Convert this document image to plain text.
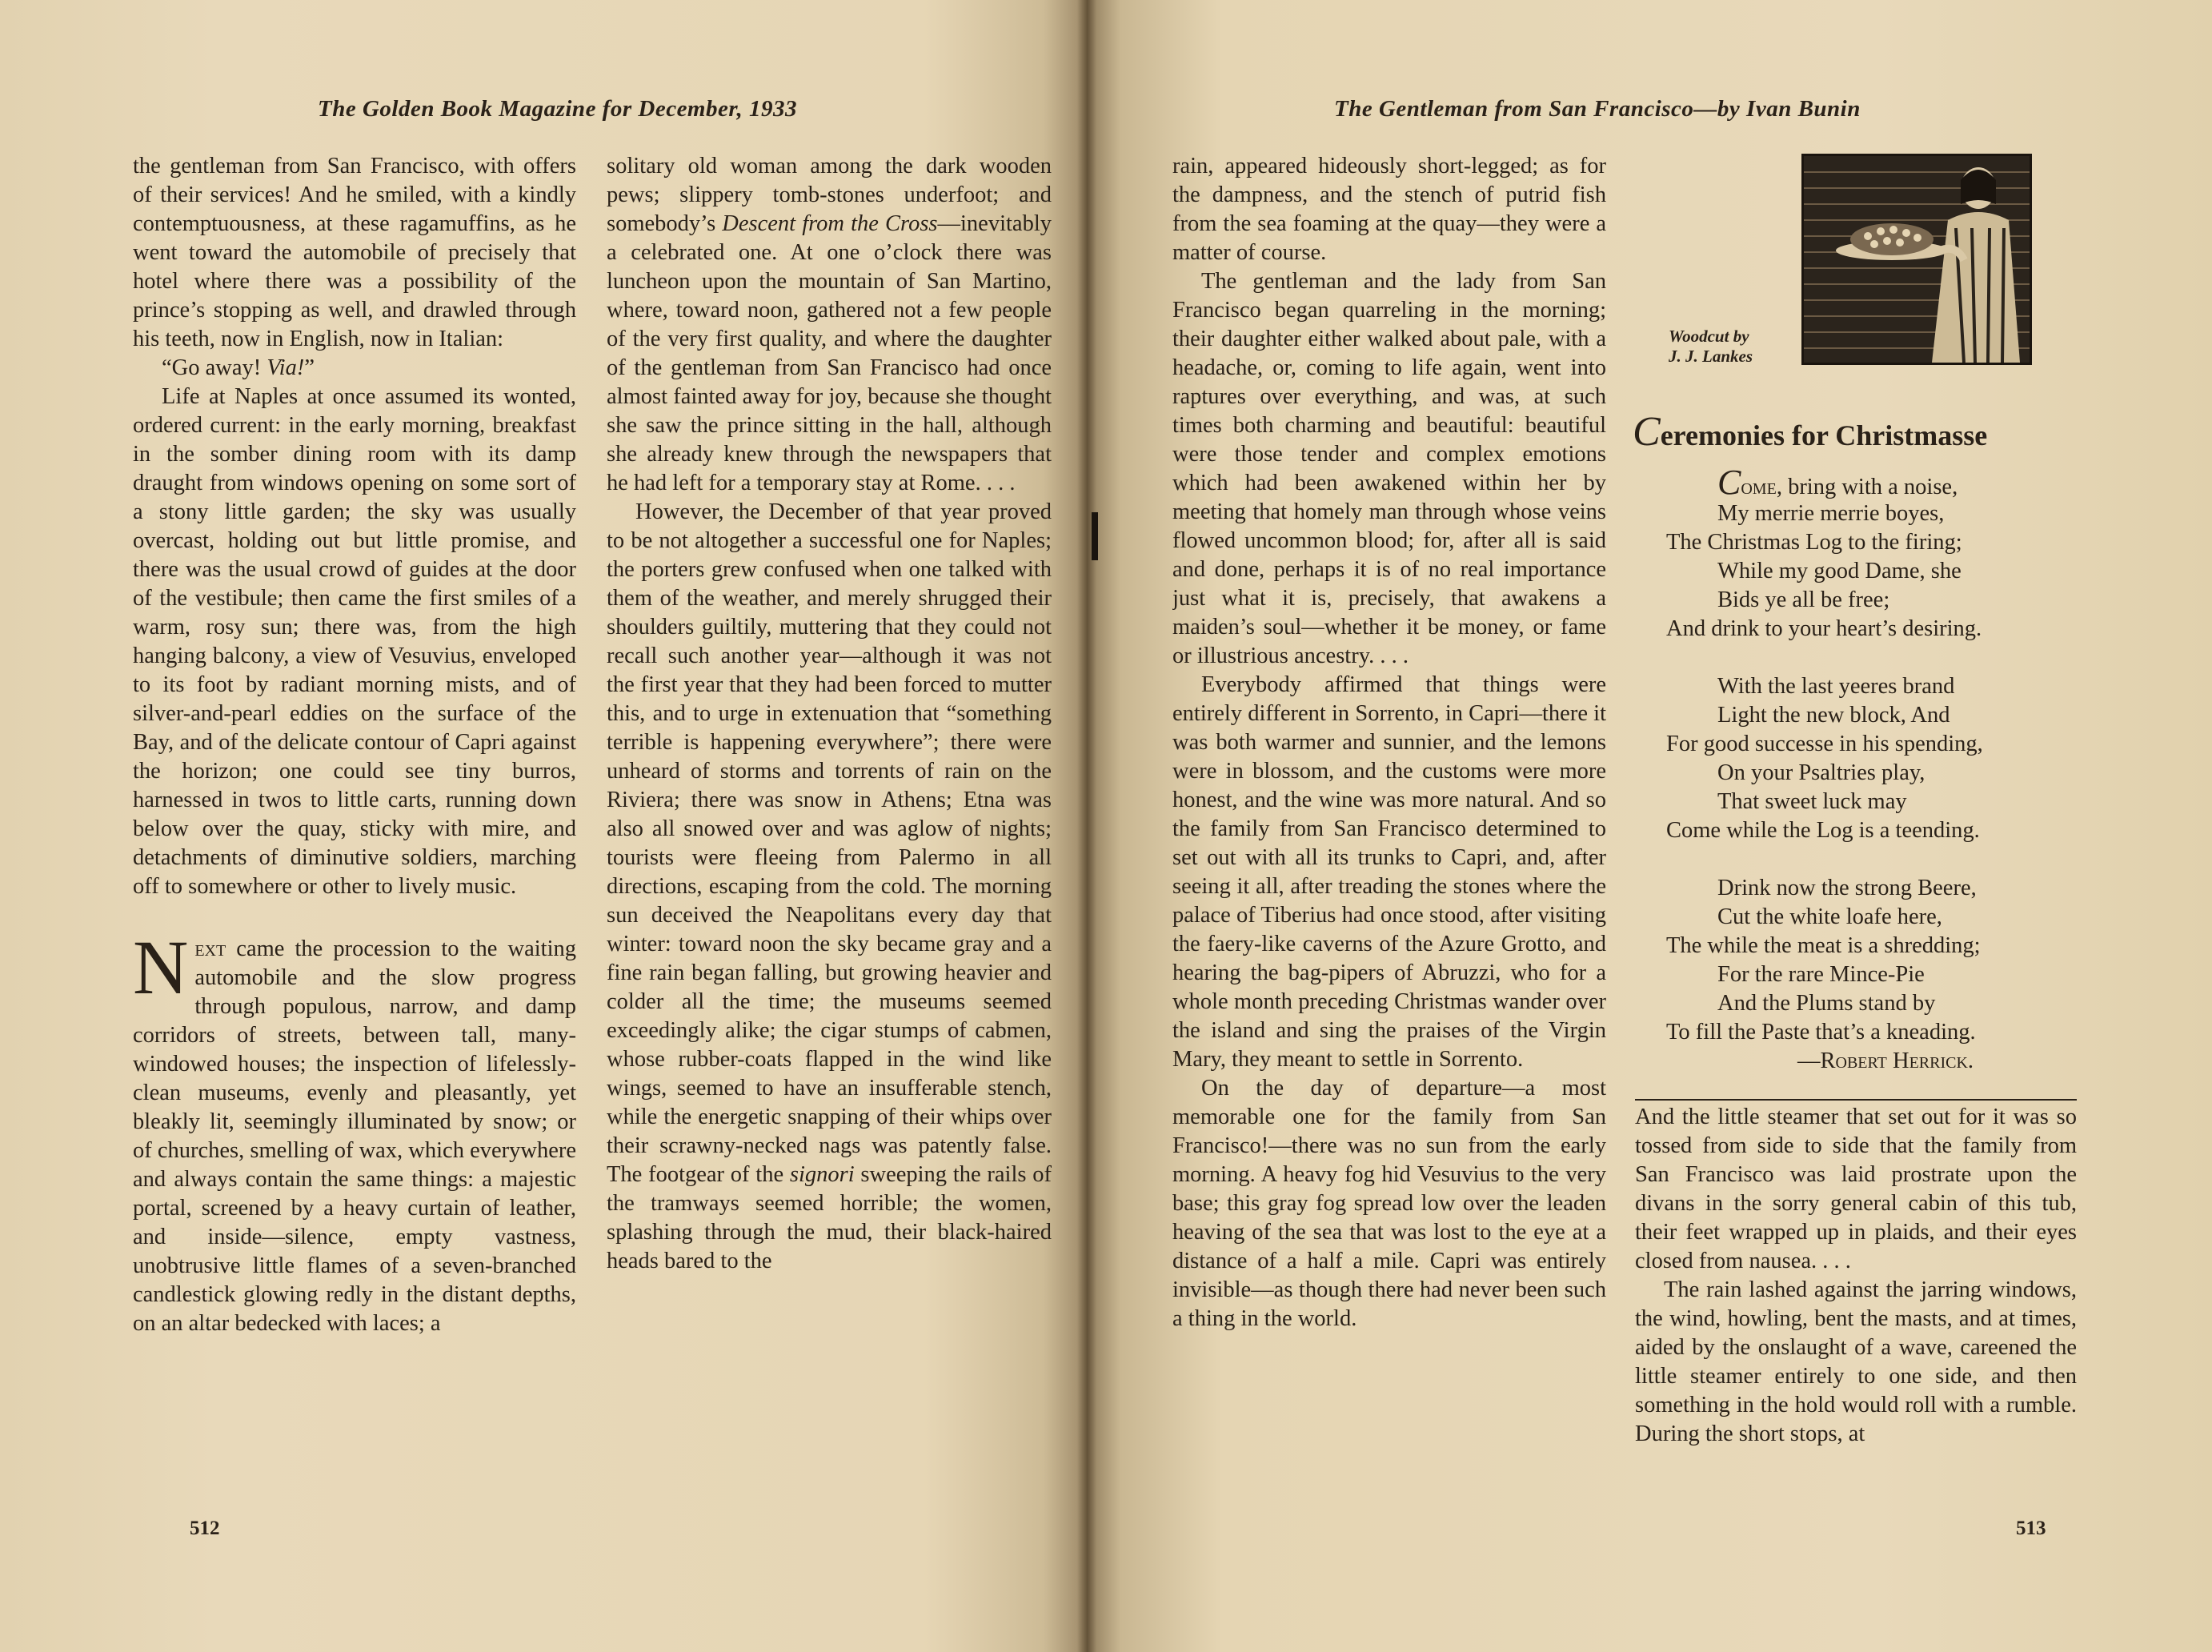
The Golden Book Magazine for December, 1933

the gentleman from San Francisco, with offers of their services! And he smiled, with a kindly contemptuousness, at these ragamuffins, as he went toward the automobile of precisely that hotel where there was a possibility of the prince’s stopping as well, and drawled through his teeth, now in English, now in Italian:

“Go away! Via!”

Life at Naples at once assumed its wonted, ordered current: in the early morning, breakfast in the somber dining room with its damp draught from windows opening on some sort of a stony little garden; the sky was usually overcast, holding out but little promise, and there was the usual crowd of guides at the door of the vestibule; then came the first smiles of a warm, rosy sun; there was, from the high hanging balcony, a view of Vesuvius, enveloped to its foot by radiant morning mists, and of silver-and-pearl eddies on the surface of the Bay, and of the delicate contour of Capri against the horizon; one could see tiny burros, harnessed in twos to little carts, running down below over the quay, sticky with mire, and detachments of diminutive soldiers, marching off to somewhere or other to lively music.

Next came the procession to the waiting automobile and the slow progress through populous, narrow, and damp corridors of streets, between tall, many-windowed houses; the inspection of lifelessly-clean museums, evenly and pleasantly, yet bleakly lit, seemingly illuminated by snow; or of churches, smelling of wax, which everywhere and always contain the same things: a majestic portal, screened by a heavy curtain of leather, and inside—silence, empty vastness, unobtrusive little flames of a seven-branched candlestick glowing redly in the distant depths, on an altar bedecked with laces; a

solitary old woman among the dark wooden pews; slippery tomb-stones underfoot; and somebody’s Descent from the Cross—inevitably a celebrated one. At one o’clock there was luncheon upon the mountain of San Martino, where, toward noon, gathered not a few people of the very first quality, and where the daughter of the gentleman from San Francisco had once almost fainted away for joy, because she thought she saw the prince sitting in the hall, although she already knew through the newspapers that he had left for a temporary stay at Rome. . . .

However, the December of that year proved to be not altogether a successful one for Naples; the porters grew confused when one talked with them of the weather, and merely shrugged their shoulders guiltily, muttering that they could not recall such another year—although it was not the first year that they had been forced to mutter this, and to urge in extenuation that “something terrible is happening everywhere”; there were unheard of storms and torrents of rain on the Riviera; there was snow in Athens; Etna was also all snowed over and was aglow of nights; tourists were fleeing from Palermo in all directions, escaping from the cold. The morning sun deceived the Neapolitans every day that winter: toward noon the sky became gray and a fine rain began falling, but growing heavier and colder all the time; the museums seemed exceedingly alike; the cigar stumps of cabmen, whose rubber-coats flapped in the wind like wings, seemed to have an insufferable stench, while the energetic snapping of their whips over their scrawny-necked nags was patently false. The footgear of the signori sweeping the rails of the tramways seemed horrible; the women, splashing through the mud, their black-haired heads bared to the

512
The Gentleman from San Francisco—by Ivan Bunin

rain, appeared hideously short-legged; as for the dampness, and the stench of putrid fish from the sea foaming at the quay—they were a matter of course.

The gentleman and the lady from San Francisco began quarreling in the morning; their daughter either walked about pale, with a headache, or, coming to life again, went into raptures over everything, and was, at such times both charming and beautiful: beautiful were those tender and complex emotions which had been awakened within her by meeting that homely man through whose veins flowed uncommon blood; for, after all is said and done, perhaps it is of no real importance just what it is, precisely, that awakens a maiden’s soul—whether it be money, or fame or illustrious ancestry. . . .

Everybody affirmed that things were entirely different in Sorrento, in Capri—there it was both warmer and sunnier, and the lemons were in blossom, and the customs were more honest, and the wine was more natural. And so the family from San Francisco determined to set out with all its trunks to Capri, and, after seeing it all, after treading the stones where the palace of Tiberius had once stood, after visiting the faery-like caverns of the Azure Grotto, and hearing the bag-pipers of Abruzzi, who for a whole month preceding Christmas wander over the island and sing the praises of the Virgin Mary, they meant to settle in Sorrento.

On the day of departure—a most memorable one for the family from San Francisco!—there was no sun from the early morning. A heavy fog hid Vesuvius to the very base; this gray fog spread low over the leaden heaving of the sea that was lost to the eye at a distance of a half a mile. Capri was entirely invisible—as though there had never been such a thing in the world.

Woodcut by
J. J. Lankes
Ceremonies for Christmasse
Come, bring with a noise,
My merrie merrie boyes,
The Christmas Log to the firing;
While my good Dame, she
Bids ye all be free;
And drink to your heart’s desiring.
With the last yeeres brand
Light the new block, And
For good successe in his spending,
On your Psaltries play,
That sweet luck may
Come while the Log is a teending.
Drink now the strong Beere,
Cut the white loafe here,
The while the meat is a shredding;
For the rare Mince-Pie
And the Plums stand by
To fill the Paste that’s a kneading.
—Robert Herrick.

And the little steamer that set out for it was so tossed from side to side that the family from San Francisco was laid prostrate upon the divans in the sorry general cabin of this tub, their feet wrapped up in plaids, and their eyes closed from nausea. . . .

The rain lashed against the jarring windows, the wind, howling, bent the masts, and at times, aided by the onslaught of a wave, careened the little steamer entirely to one side, and then something in the hold would roll with a rumble. During the short stops, at

513
